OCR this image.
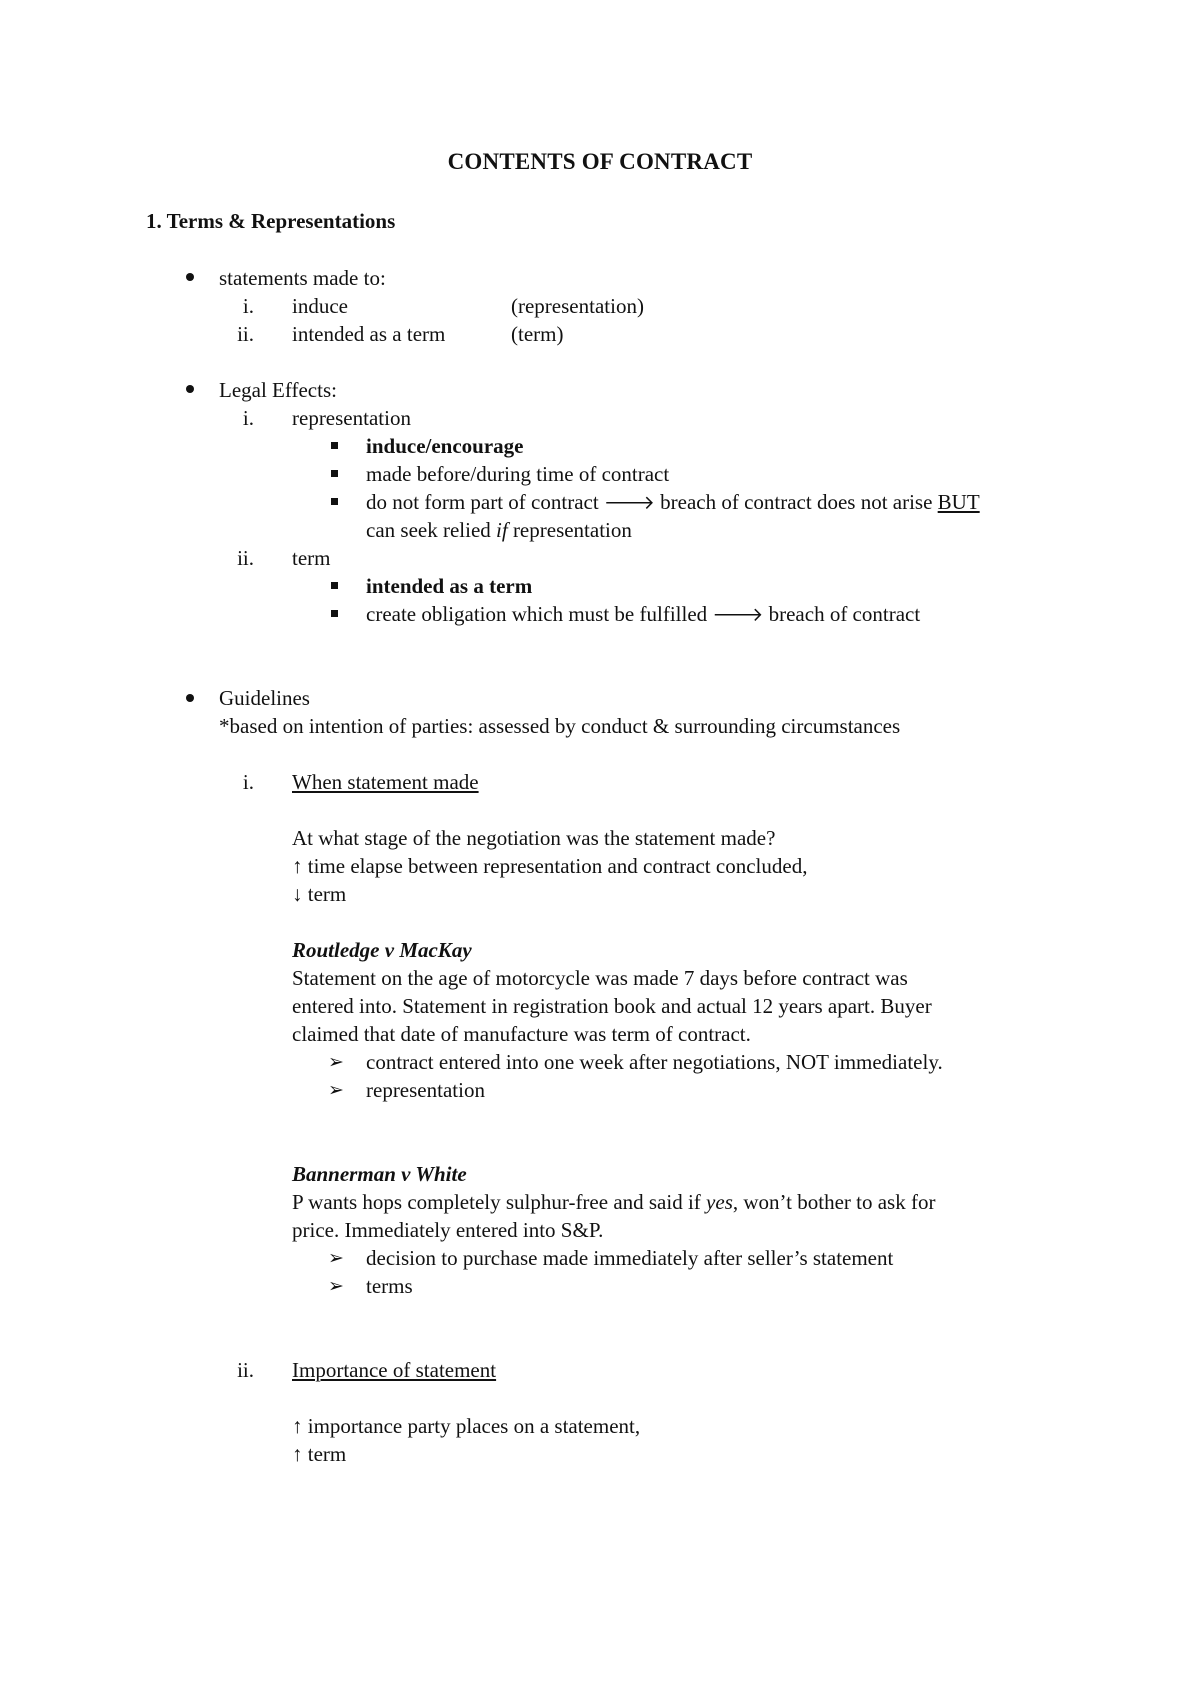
CONTENTS OF CONTRACT
1. Terms & Representations
statements made to:
i. induce	(representation)
ii. intended as a term	(term)
Legal Effects:
i. representation
induce/encourage
made before/during time of contract
do not form part of contract 🡒 breach of contract does not arise BUT
can seek relied if representation
ii. term
intended as a term
create obligation which must be fulfilled 🡒 breach of contract
Guidelines
*based on intention of parties: assessed by conduct & surrounding circumstances
i. When statement made
At what stage of the negotiation was the statement made?
↑ time elapse between representation and contract concluded,
↓ term
Routledge v MacKay
Statement on the age of motorcycle was made 7 days before contract was
entered into. Statement in registration book and actual 12 years apart. Buyer
claimed that date of manufacture was term of contract.
➢ contract entered into one week after negotiations, NOT immediately.
➢ representation
Bannerman v White
P wants hops completely sulphur-free and said if yes, won’t bother to ask for
price. Immediately entered into S&P.
➢ decision to purchase made immediately after seller’s statement
➢ terms
ii. Importance of statement
↑ importance party places on a statement,
↑ term
